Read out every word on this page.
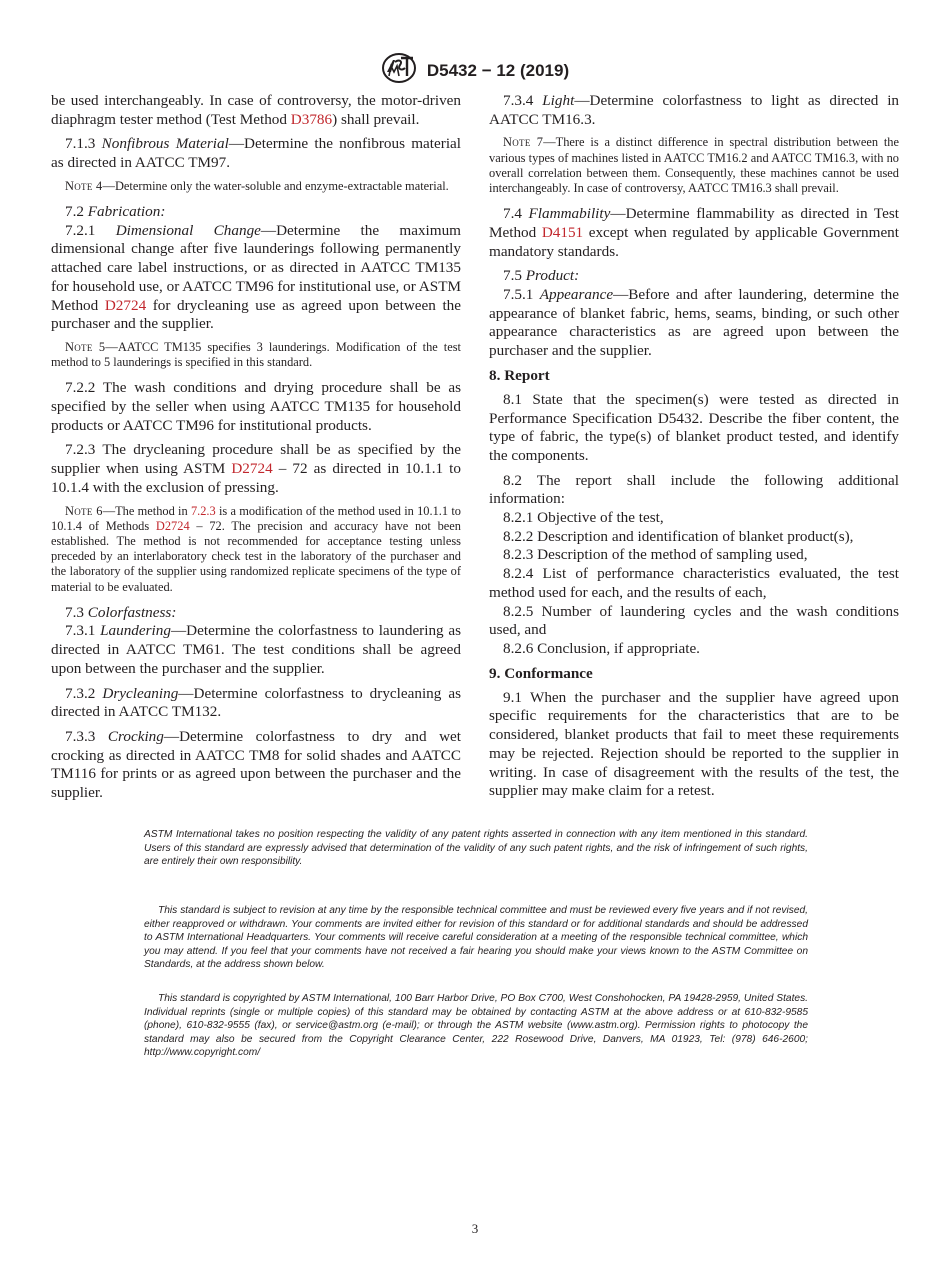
D5432 − 12 (2019)

be used interchangeably. In case of controversy, the motor-driven diaphragm tester method (Test Method D3786) shall prevail.

7.1.3 Nonfibrous Material—Determine the nonfibrous material as directed in AATCC TM97.

Note 4—Determine only the water-soluble and enzyme-extractable material.

7.2 Fabrication:

7.2.1 Dimensional Change—Determine the maximum dimensional change after five launderings following permanently attached care label instructions, or as directed in AATCC TM135 for household use, or AATCC TM96 for institutional use, or ASTM Method D2724 for drycleaning use as agreed upon between the purchaser and the supplier.

Note 5—AATCC TM135 specifies 3 launderings. Modification of the test method to 5 launderings is specified in this standard.

7.2.2 The wash conditions and drying procedure shall be as specified by the seller when using AATCC TM135 for household products or AATCC TM96 for institutional products.

7.2.3 The drycleaning procedure shall be as specified by the supplier when using ASTM D2724 – 72 as directed in 10.1.1 to 10.1.4 with the exclusion of pressing.

Note 6—The method in 7.2.3 is a modification of the method used in 10.1.1 to 10.1.4 of Methods D2724 – 72. The precision and accuracy have not been established. The method is not recommended for acceptance testing unless preceded by an interlaboratory check test in the laboratory of the purchaser and the laboratory of the supplier using randomized replicate specimens of the type of material to be evaluated.

7.3 Colorfastness:

7.3.1 Laundering—Determine the colorfastness to laundering as directed in AATCC TM61. The test conditions shall be agreed upon between the purchaser and the supplier.

7.3.2 Drycleaning—Determine colorfastness to drycleaning as directed in AATCC TM132.

7.3.3 Crocking—Determine colorfastness to dry and wet crocking as directed in AATCC TM8 for solid shades and AATCC TM116 for prints or as agreed upon between the purchaser and the supplier.

7.3.4 Light—Determine colorfastness to light as directed in AATCC TM16.3.

Note 7—There is a distinct difference in spectral distribution between the various types of machines listed in AATCC TM16.2 and AATCC TM16.3, with no overall correlation between them. Consequently, these machines cannot be used interchangeably. In case of controversy, AATCC TM16.3 shall prevail.

7.4 Flammability—Determine flammability as directed in Test Method D4151 except when regulated by applicable Government mandatory standards.

7.5 Product:

7.5.1 Appearance—Before and after laundering, determine the appearance of blanket fabric, hems, seams, binding, or such other appearance characteristics as are agreed upon between the purchaser and the supplier.

8. Report

8.1 State that the specimen(s) were tested as directed in Performance Specification D5432. Describe the fiber content, the type of fabric, the type(s) of blanket product tested, and identify the components.

8.2 The report shall include the following additional information:

8.2.1 Objective of the test,

8.2.2 Description and identification of blanket product(s),

8.2.3 Description of the method of sampling used,

8.2.4 List of performance characteristics evaluated, the test method used for each, and the results of each,

8.2.5 Number of laundering cycles and the wash conditions used, and

8.2.6 Conclusion, if appropriate.

9. Conformance

9.1 When the purchaser and the supplier have agreed upon specific requirements for the characteristics that are to be considered, blanket products that fail to meet these requirements may be rejected. Rejection should be reported to the supplier in writing. In case of disagreement with the results of the test, the supplier may make claim for a retest.

ASTM International takes no position respecting the validity of any patent rights asserted in connection with any item mentioned in this standard. Users of this standard are expressly advised that determination of the validity of any such patent rights, and the risk of infringement of such rights, are entirely their own responsibility.

This standard is subject to revision at any time by the responsible technical committee and must be reviewed every five years and if not revised, either reapproved or withdrawn. Your comments are invited either for revision of this standard or for additional standards and should be addressed to ASTM International Headquarters. Your comments will receive careful consideration at a meeting of the responsible technical committee, which you may attend. If you feel that your comments have not received a fair hearing you should make your views known to the ASTM Committee on Standards, at the address shown below.

This standard is copyrighted by ASTM International, 100 Barr Harbor Drive, PO Box C700, West Conshohocken, PA 19428-2959, United States. Individual reprints (single or multiple copies) of this standard may be obtained by contacting ASTM at the above address or at 610-832-9585 (phone), 610-832-9555 (fax), or service@astm.org (e-mail); or through the ASTM website (www.astm.org). Permission rights to photocopy the standard may also be secured from the Copyright Clearance Center, 222 Rosewood Drive, Danvers, MA 01923, Tel: (978) 646-2600; http://www.copyright.com/

3
